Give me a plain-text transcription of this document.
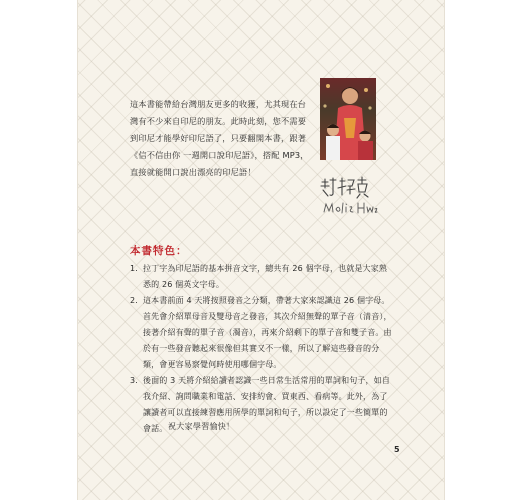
這本書能帶給台灣朋友更多的收獲，尤其現在台

灣有不少來自印尼的朋友。此時此刻，您不需要

到印尼才能學好印尼語了，只要翻開本書，跟著

《信不信由你 一週開口說印尼語》，搭配 MP3，

直接就能開口說出漂亮的印尼語！

本書特色：
1. 拉丁字為印尼語的基本拼音文字，總共有 26 個字母，也就是大家熟悉的 26 個英文字母。
2. 這本書前面 4 天將按照發音之分類，帶著大家來認識這 26 個字母。首先會介紹單母音及雙母音之發音，其次介紹無聲的單子音（清音），接著介紹有聲的單子音（濁音），再來介紹剩下的單子音和雙子音。由於有一些發音聽起來很像但其實又不一樣，所以了解這些發音的分類，會更容易察覺何時使用哪個字母。
3. 後面的 3 天將介紹給讀者認識一些日常生活常用的單詞和句子，如自我介紹、詢問職業和電話、安排約會、買東西、看病等。此外，為了讓讀者可以直接練習應用所學的單詞和句子，所以設定了一些簡單的會話。 祝大家學習愉快！
5
